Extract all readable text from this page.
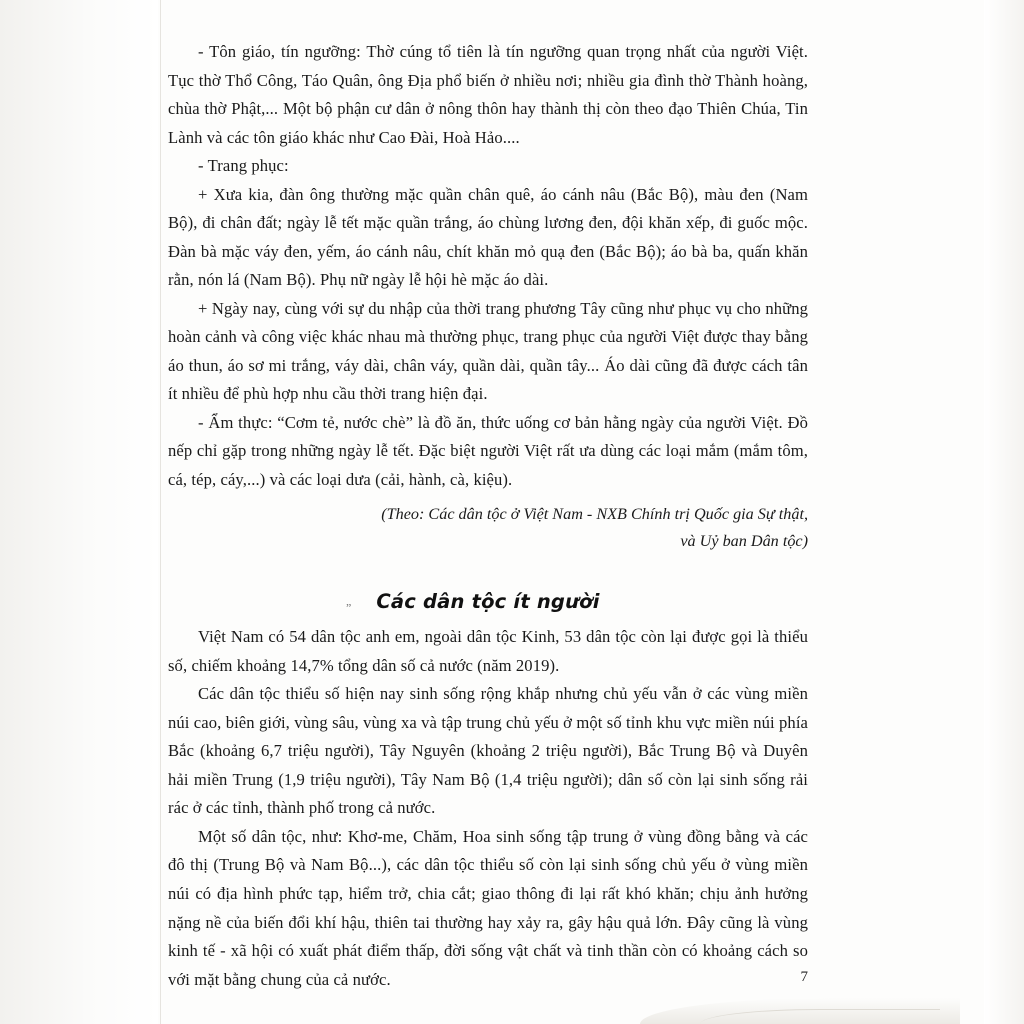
- Tôn giáo, tín ngưỡng: Thờ cúng tổ tiên là tín ngưỡng quan trọng nhất của người Việt. Tục thờ Thổ Công, Táo Quân, ông Địa phổ biến ở nhiều nơi; nhiều gia đình thờ Thành hoàng, chùa thờ Phật,... Một bộ phận cư dân ở nông thôn hay thành thị còn theo đạo Thiên Chúa, Tin Lành và các tôn giáo khác như Cao Đài, Hoà Hảo....

- Trang phục:

+ Xưa kia, đàn ông thường mặc quần chân quê, áo cánh nâu (Bắc Bộ), màu đen (Nam Bộ), đi chân đất; ngày lễ tết mặc quần trắng, áo chùng lương đen, đội khăn xếp, đi guốc mộc. Đàn bà mặc váy đen, yếm, áo cánh nâu, chít khăn mỏ quạ đen (Bắc Bộ); áo bà ba, quấn khăn rằn, nón lá (Nam Bộ). Phụ nữ ngày lễ hội hè mặc áo dài.

+ Ngày nay, cùng với sự du nhập của thời trang phương Tây cũng như phục vụ cho những hoàn cảnh và công việc khác nhau mà thường phục, trang phục của người Việt được thay bằng áo thun, áo sơ mi trắng, váy dài, chân váy, quần dài, quần tây... Áo dài cũng đã được cách tân ít nhiều để phù hợp nhu cầu thời trang hiện đại.

- Ẩm thực: “Cơm tẻ, nước chè” là đồ ăn, thức uống cơ bản hằng ngày của người Việt. Đồ nếp chỉ gặp trong những ngày lễ tết. Đặc biệt người Việt rất ưa dùng các loại mắm (mắm tôm, cá, tép, cáy,...) và các loại dưa (cải, hành, cà, kiệu).

(Theo: Các dân tộc ở Việt Nam - NXB Chính trị Quốc gia Sự thật,
và Uỷ ban Dân tộc)
„ Các dân tộc ít người

Việt Nam có 54 dân tộc anh em, ngoài dân tộc Kinh, 53 dân tộc còn lại được gọi là thiểu số, chiếm khoảng 14,7% tổng dân số cả nước (năm 2019).

Các dân tộc thiểu số hiện nay sinh sống rộng khắp nhưng chủ yếu vẫn ở các vùng miền núi cao, biên giới, vùng sâu, vùng xa và tập trung chủ yếu ở một số tỉnh khu vực miền núi phía Bắc (khoảng 6,7 triệu người), Tây Nguyên (khoảng 2 triệu người), Bắc Trung Bộ và Duyên hải miền Trung (1,9 triệu người), Tây Nam Bộ (1,4 triệu người); dân số còn lại sinh sống rải rác ở các tỉnh, thành phố trong cả nước.

Một số dân tộc, như: Khơ-me, Chăm, Hoa sinh sống tập trung ở vùng đồng bằng và các đô thị (Trung Bộ và Nam Bộ...), các dân tộc thiểu số còn lại sinh sống chủ yếu ở vùng miền núi có địa hình phức tạp, hiểm trở, chia cắt; giao thông đi lại rất khó khăn; chịu ảnh hưởng nặng nề của biến đổi khí hậu, thiên tai thường hay xảy ra, gây hậu quả lớn. Đây cũng là vùng kinh tế - xã hội có xuất phát điểm thấp, đời sống vật chất và tinh thần còn có khoảng cách so với mặt bằng chung của cả nước.	7
